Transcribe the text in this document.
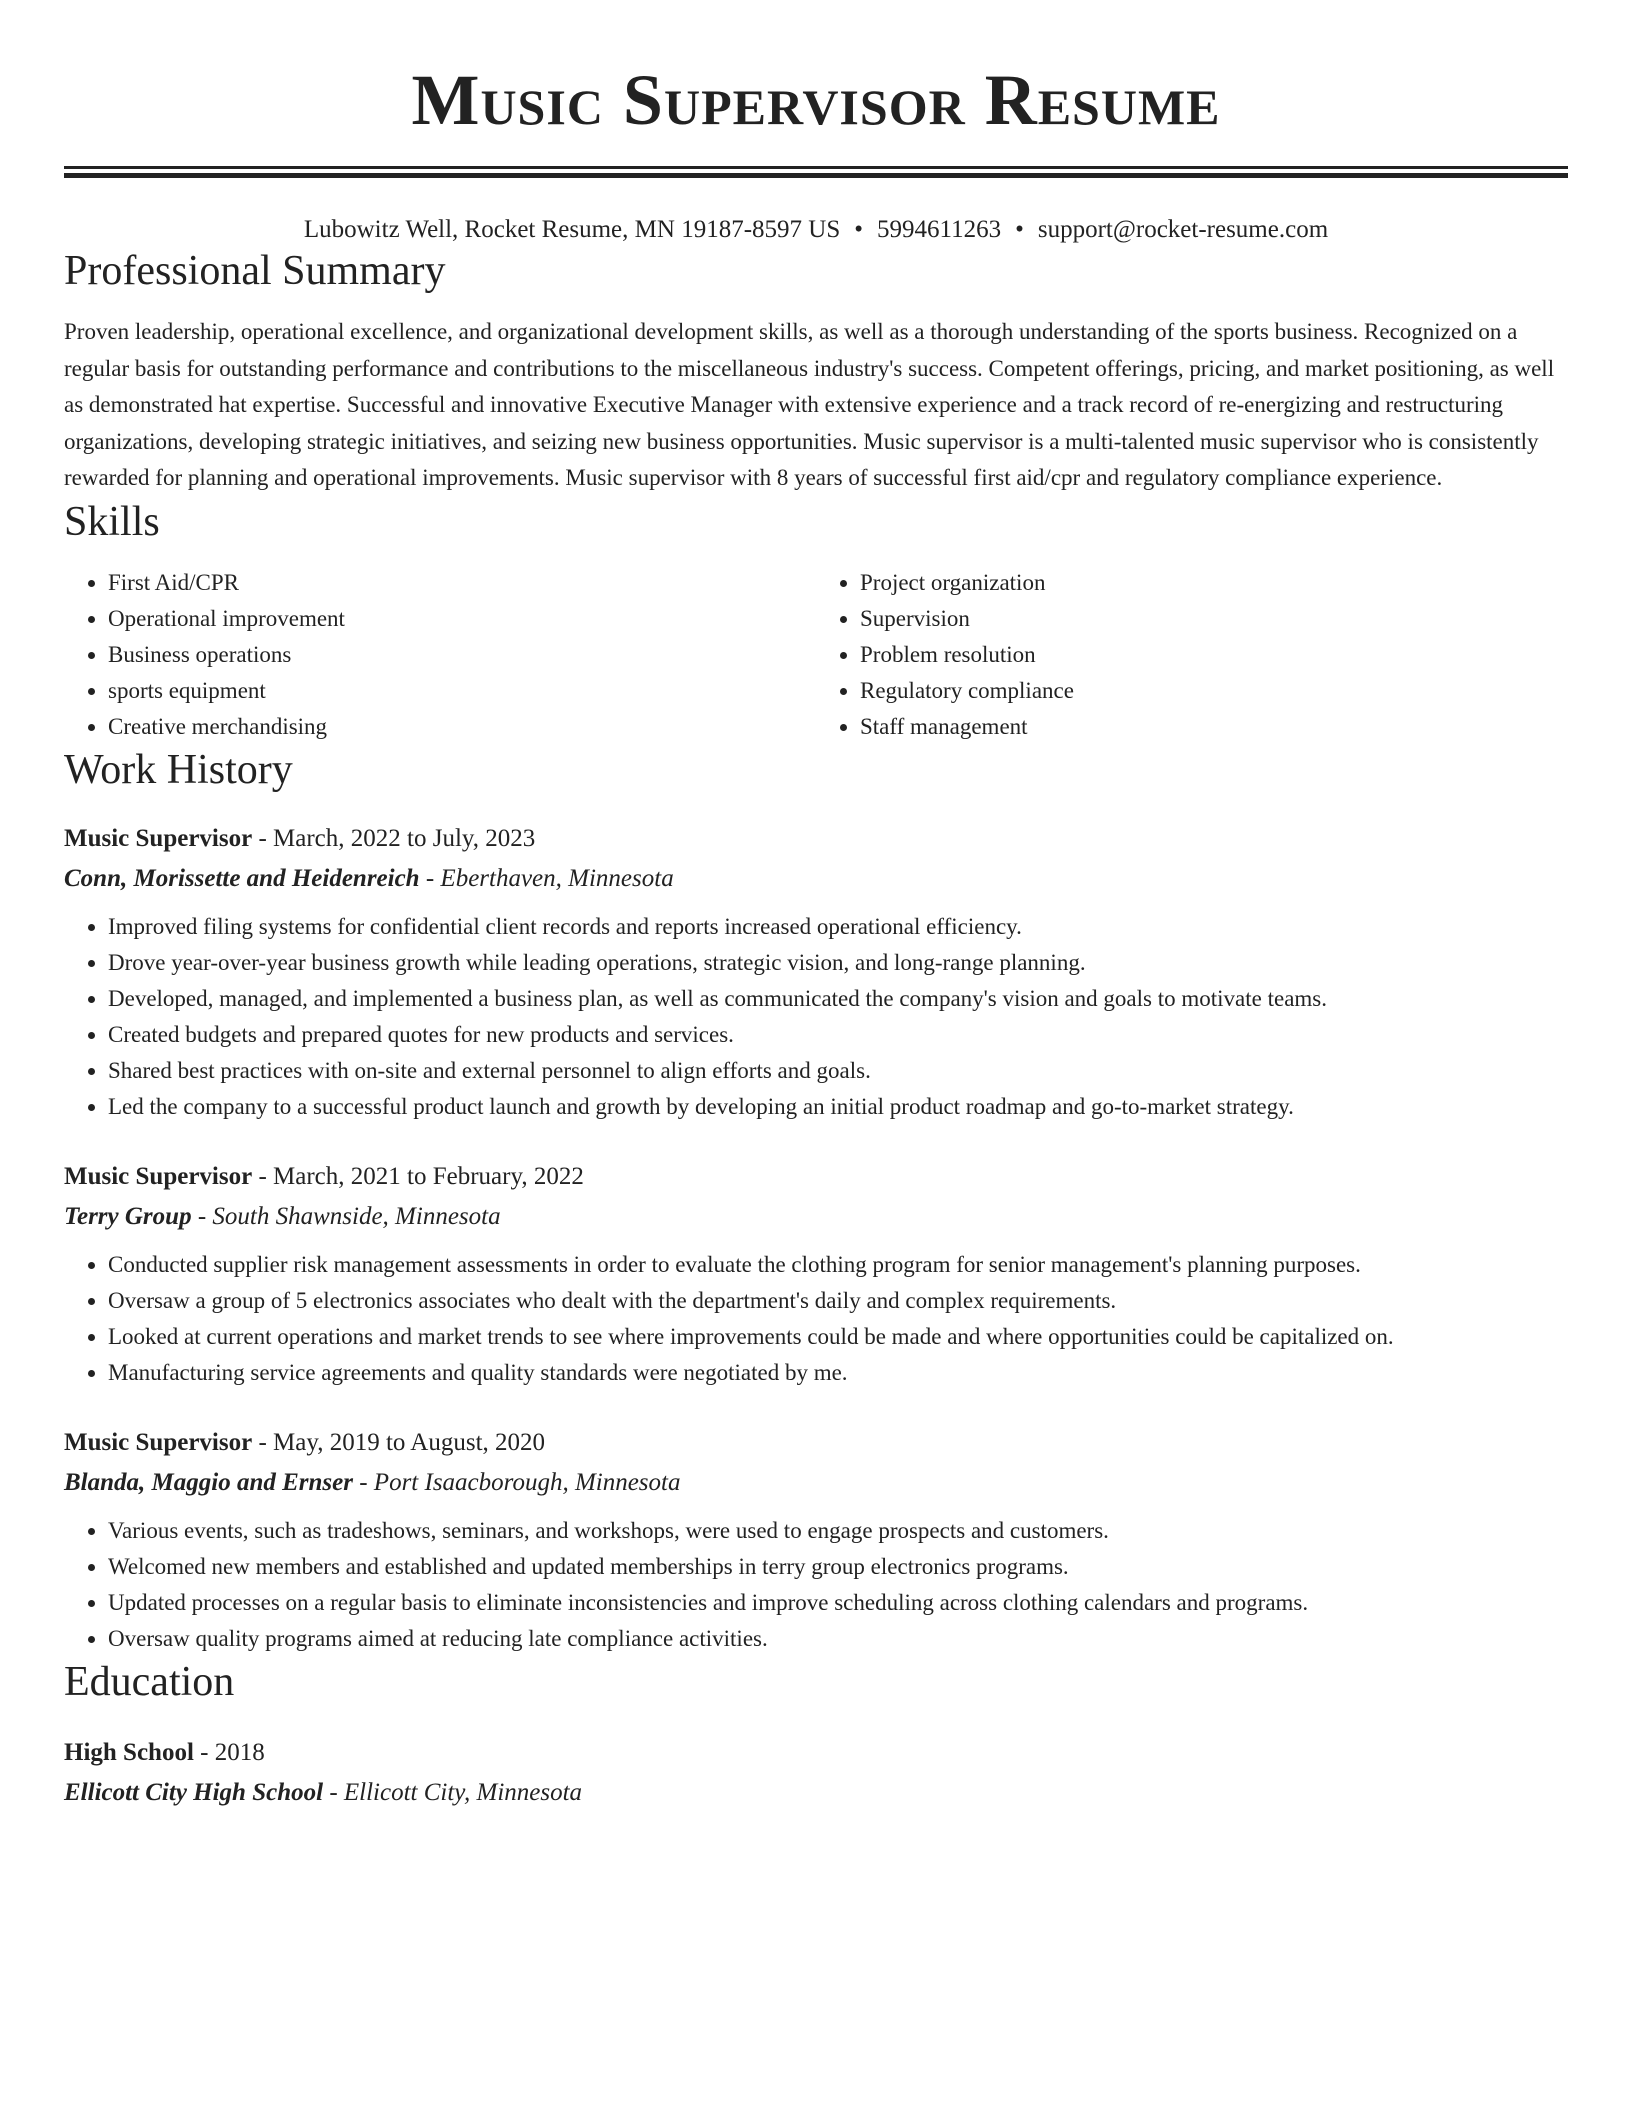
Music Supervisor Resume
Lubowitz Well, Rocket Resume, MN 19187-8597 US • 5994611263 • support@rocket-resume.com
Professional Summary

Proven leadership, operational excellence, and organizational development skills, as well as a thorough understanding of the sports business. Recognized on a regular basis for outstanding performance and contributions to the miscellaneous industry's success. Competent offerings, pricing, and market positioning, as well as demonstrated hat expertise. Successful and innovative Executive Manager with extensive experience and a track record of re-energizing and restructuring organizations, developing strategic initiatives, and seizing new business opportunities. Music supervisor is a multi-talented music supervisor who is consistently rewarded for planning and operational improvements. Music supervisor with 8 years of successful first aid/cpr and regulatory compliance experience.

Skills
• First Aid/CPR
• Operational improvement
• Business operations
• sports equipment
• Creative merchandising
• Project organization
• Supervision
• Problem resolution
• Regulatory compliance
• Staff management
Work History
Music Supervisor - March, 2022 to July, 2023
Conn, Morissette and Heidenreich - Eberthaven, Minnesota
• Improved filing systems for confidential client records and reports increased operational efficiency.
• Drove year-over-year business growth while leading operations, strategic vision, and long-range planning.
• Developed, managed, and implemented a business plan, as well as communicated the company's vision and goals to motivate teams.
• Created budgets and prepared quotes for new products and services.
• Shared best practices with on-site and external personnel to align efforts and goals.
• Led the company to a successful product launch and growth by developing an initial product roadmap and go-to-market strategy.
Music Supervisor - March, 2021 to February, 2022
Terry Group - South Shawnside, Minnesota
• Conducted supplier risk management assessments in order to evaluate the clothing program for senior management's planning purposes.
• Oversaw a group of 5 electronics associates who dealt with the department's daily and complex requirements.
• Looked at current operations and market trends to see where improvements could be made and where opportunities could be capitalized on.
• Manufacturing service agreements and quality standards were negotiated by me.
Music Supervisor - May, 2019 to August, 2020
Blanda, Maggio and Ernser - Port Isaacborough, Minnesota
• Various events, such as tradeshows, seminars, and workshops, were used to engage prospects and customers.
• Welcomed new members and established and updated memberships in terry group electronics programs.
• Updated processes on a regular basis to eliminate inconsistencies and improve scheduling across clothing calendars and programs.
• Oversaw quality programs aimed at reducing late compliance activities.
Education
High School - 2018
Ellicott City High School - Ellicott City, Minnesota
